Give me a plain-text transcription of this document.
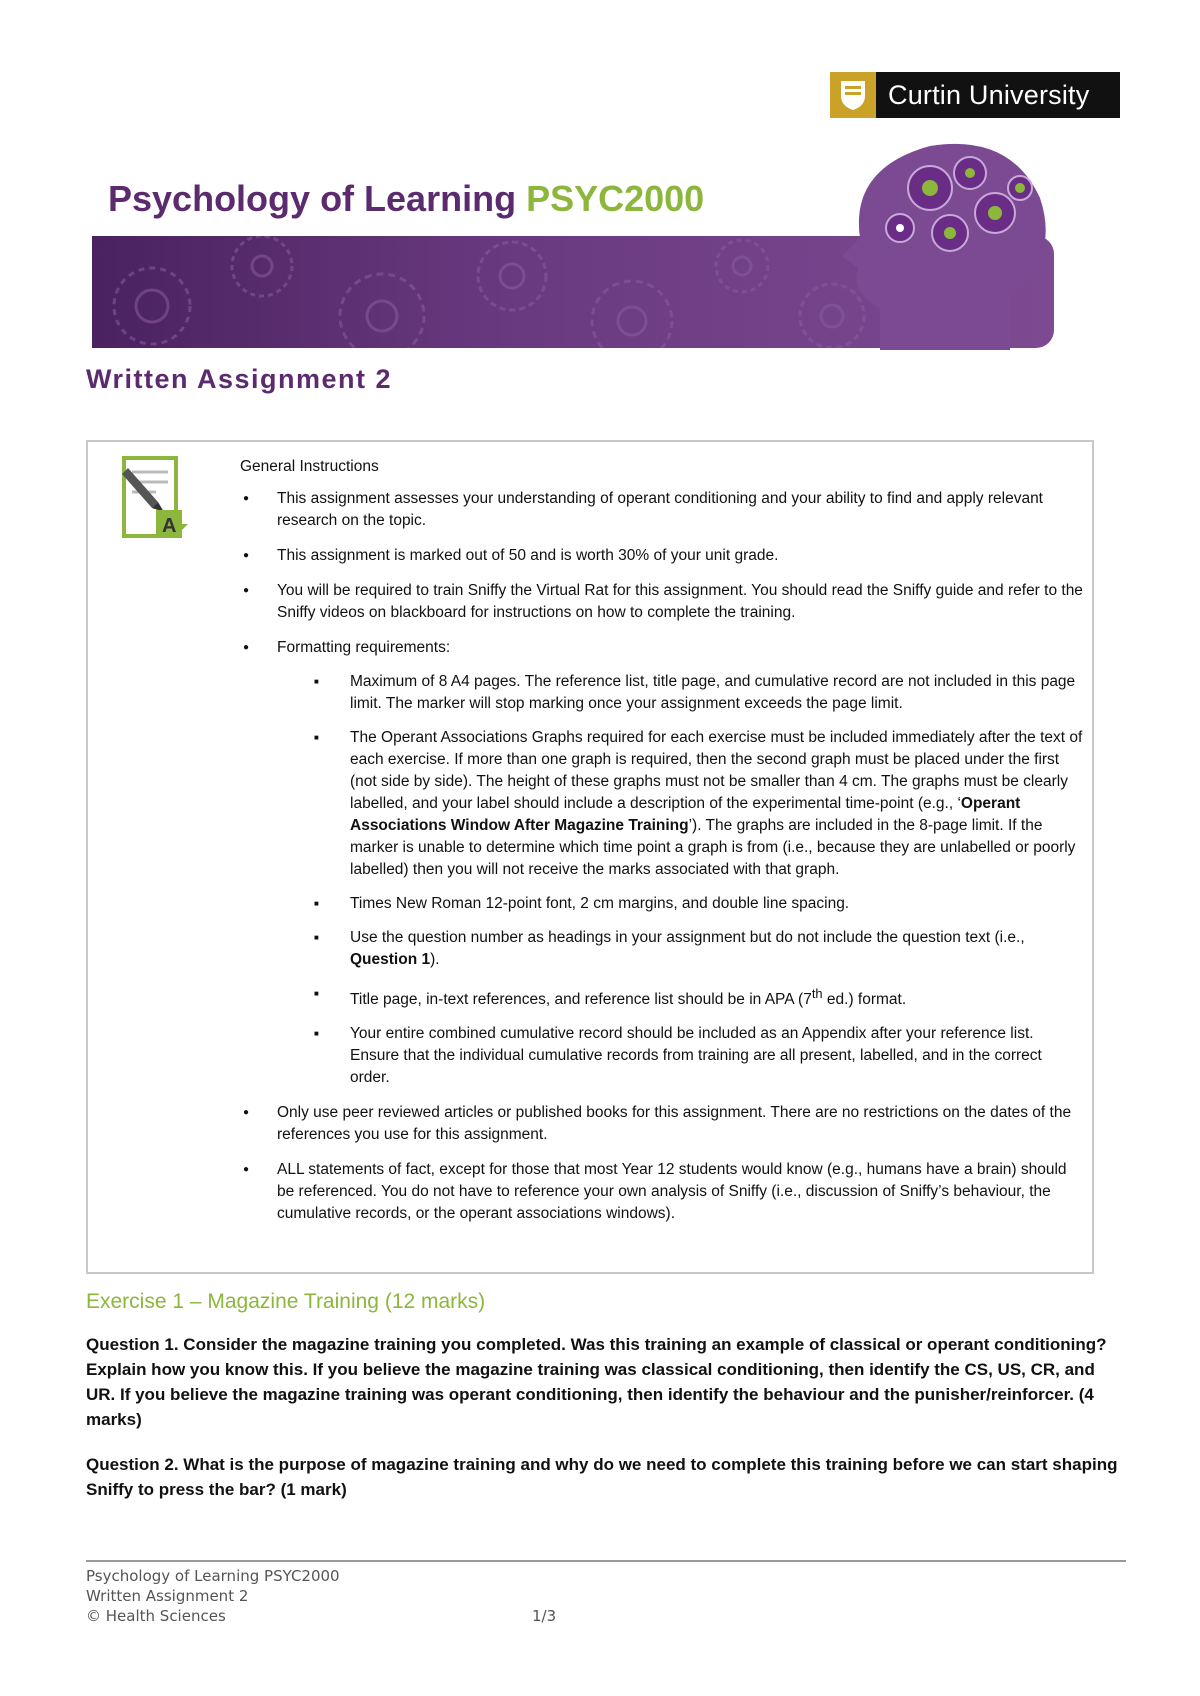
Curtin University
Psychology of Learning PSYC2000
Written Assignment 2
A

General Instructions

● This assignment assesses your understanding of operant conditioning and your ability to find and apply relevant research on the topic.
● This assignment is marked out of 50 and is worth 30% of your unit grade.
● You will be required to train Sniffy the Virtual Rat for this assignment. You should read the Sniffy guide and refer to the Sniffy videos on blackboard for instructions on how to complete the training.
● Formatting requirements:
■ Maximum of 8 A4 pages. The reference list, title page, and cumulative record are not included in this page limit. The marker will stop marking once your assignment exceeds the page limit.
■ The Operant Associations Graphs required for each exercise must be included immediately after the text of each exercise. If more than one graph is required, then the second graph must be placed under the first (not side by side). The height of these graphs must not be smaller than 4 cm. The graphs must be clearly labelled, and your label should include a description of the experimental time-point (e.g., ‘Operant Associations Window After Magazine Training’). The graphs are included in the 8-page limit. If the marker is unable to determine which time point a graph is from (i.e., because they are unlabelled or poorly labelled) then you will not receive the marks associated with that graph.
■ Times New Roman 12-point font, 2 cm margins, and double line spacing.
■ Use the question number as headings in your assignment but do not include the question text (i.e., Question 1).
■ Title page, in-text references, and reference list should be in APA (7th ed.) format.
■ Your entire combined cumulative record should be included as an Appendix after your reference list. Ensure that the individual cumulative records from training are all present, labelled, and in the correct order.
● Only use peer reviewed articles or published books for this assignment. There are no restrictions on the dates of the references you use for this assignment.
● ALL statements of fact, except for those that most Year 12 students would know (e.g., humans have a brain) should be referenced. You do not have to reference your own analysis of Sniffy (i.e., discussion of Sniffy’s behaviour, the cumulative records, or the operant associations windows).
Exercise 1 – Magazine Training (12 marks)
Question 1. Consider the magazine training you completed. Was this training an example of classical or operant conditioning? Explain how you know this. If you believe the magazine training was classical conditioning, then identify the CS, US, CR, and UR. If you believe the magazine training was operant conditioning, then identify the behaviour and the punisher/reinforcer. (4 marks)
Question 2. What is the purpose of magazine training and why do we need to complete this training before we can start shaping Sniffy to press the bar? (1 mark)
Psychology of Learning PSYC2000
Written Assignment 2
© Health Sciences	1/3
